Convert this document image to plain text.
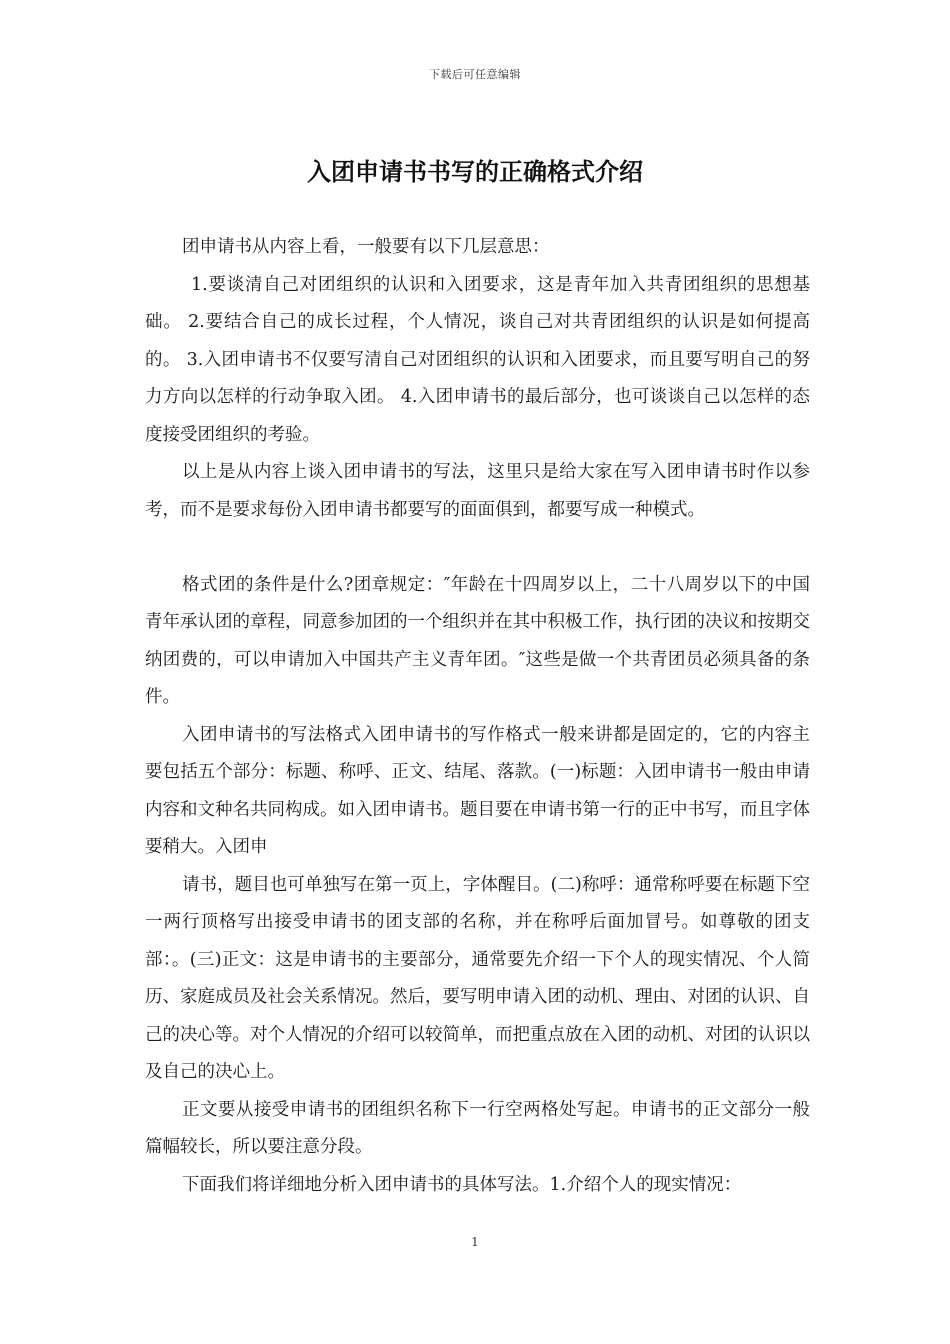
下载后可任意编辑
入团申请书书写的正确格式介绍

团申请书从内容上看，一般要有以下几层意思：

1.要谈清自己对团组织的认识和入团要求，这是青年加入共青团组织的思想基础。 2.要结合自己的成长过程，个人情况，谈自己对共青团组织的认识是如何提高的。 3.入团申请书不仅要写清自己对团组织的认识和入团要求，而且要写明自己的努力方向以怎样的行动争取入团。 4.入团申请书的最后部分，也可谈谈自己以怎样的态度接受团组织的考验。

以上是从内容上谈入团申请书的写法，这里只是给大家在写入团申请书时作以参考，而不是要求每份入团申请书都要写的面面俱到，都要写成一种模式。

格式团的条件是什么?团章规定：″年龄在十四周岁以上，二十八周岁以下的中国青年承认团的章程，同意参加团的一个组织并在其中积极工作，执行团的决议和按期交纳团费的，可以申请加入中国共产主义青年团。″这些是做一个共青团员必须具备的条件。

入团申请书的写法格式入团申请书的写作格式一般来讲都是固定的，它的内容主要包括五个部分：标题、称呼、正文、结尾、落款。(一)标题：入团申请书一般由申请内容和文种名共同构成。如入团申请书。题目要在申请书第一行的正中书写，而且字体要稍大。入团申

请书，题目也可单独写在第一页上，字体醒目。(二)称呼：通常称呼要在标题下空一两行顶格写出接受申请书的团支部的名称，并在称呼后面加冒号。如尊敬的团支部：。(三)正文：这是申请书的主要部分，通常要先介绍一下个人的现实情况、个人简历、家庭成员及社会关系情况。然后，要写明申请入团的动机、理由、对团的认识、自己的决心等。对个人情况的介绍可以较简单，而把重点放在入团的动机、对团的认识以及自己的决心上。

正文要从接受申请书的团组织名称下一行空两格处写起。申请书的正文部分一般篇幅较长，所以要注意分段。

下面我们将详细地分析入团申请书的具体写法。1.介绍个人的现实情况：

1
